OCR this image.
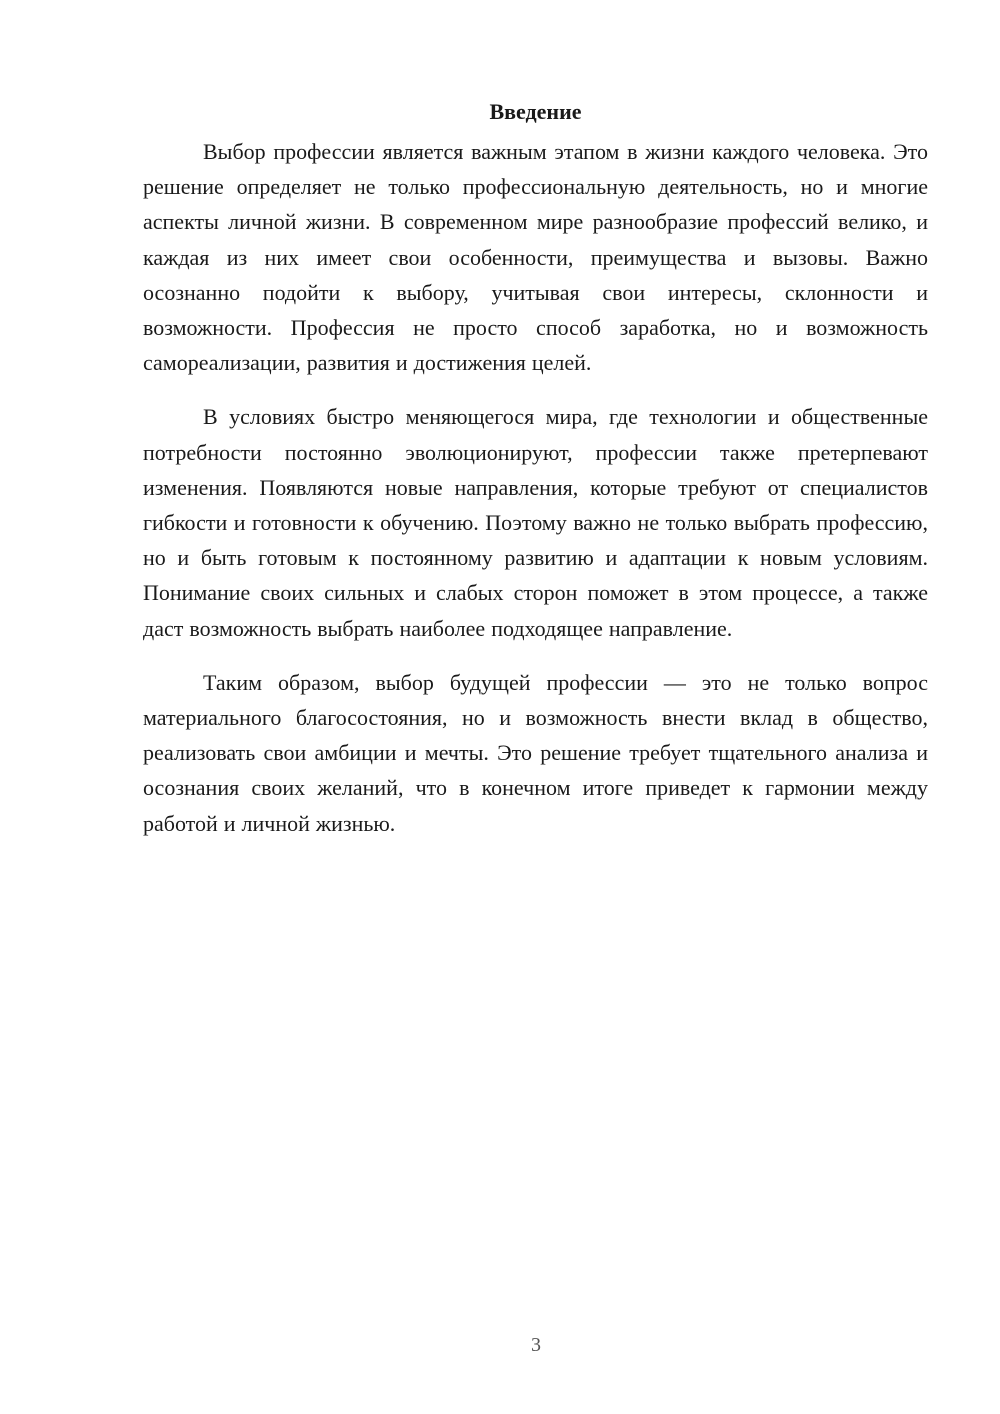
Введение

Выбор профессии является важным этапом в жизни каждого человека. Это решение определяет не только профессиональную деятельность, но и многие аспекты личной жизни. В современном мире разнообразие профессий велико, и каждая из них имеет свои особенности, преимущества и вызовы. Важно осознанно подойти к выбору, учитывая свои интересы, склонности и возможности. Профессия не просто способ заработка, но и возможность самореализации, развития и достижения целей.

В условиях быстро меняющегося мира, где технологии и общественные потребности постоянно эволюционируют, профессии также претерпевают изменения. Появляются новые направления, которые требуют от специалистов гибкости и готовности к обучению. Поэтому важно не только выбрать профессию, но и быть готовым к постоянному развитию и адаптации к новым условиям. Понимание своих сильных и слабых сторон поможет в этом процессе, а также даст возможность выбрать наиболее подходящее направление.

Таким образом, выбор будущей профессии — это не только вопрос материального благосостояния, но и возможность внести вклад в общество, реализовать свои амбиции и мечты. Это решение требует тщательного анализа и осознания своих желаний, что в конечном итоге приведет к гармонии между работой и личной жизнью.

3
